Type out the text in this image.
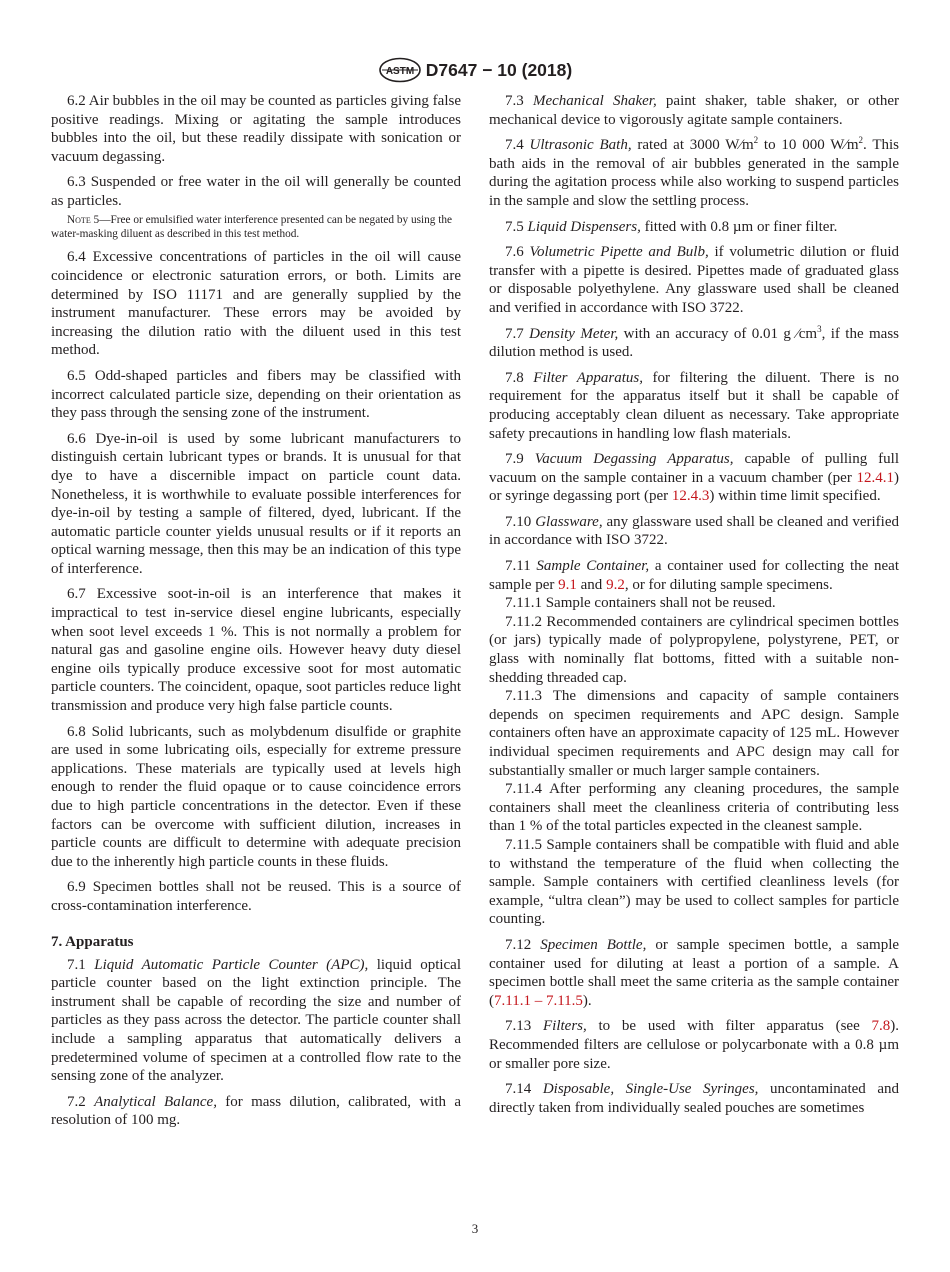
ASTM D7647 − 10 (2018)

6.2 Air bubbles in the oil may be counted as particles giving false positive readings. Mixing or agitating the sample introduces bubbles into the oil, but these readily dissipate with sonication or vacuum degassing.

6.3 Suspended or free water in the oil will generally be counted as particles.

Note 5—Free or emulsified water interference presented can be negated by using the water-masking diluent as described in this test method.

6.4 Excessive concentrations of particles in the oil will cause coincidence or electronic saturation errors, or both. Limits are determined by ISO 11171 and are generally supplied by the instrument manufacturer. These errors may be avoided by increasing the dilution ratio with the diluent used in this test method.

6.5 Odd-shaped particles and fibers may be classified with incorrect calculated particle size, depending on their orientation as they pass through the sensing zone of the instrument.

6.6 Dye-in-oil is used by some lubricant manufacturers to distinguish certain lubricant types or brands. It is unusual for that dye to have a discernible impact on particle count data. Nonetheless, it is worthwhile to evaluate possible interferences for dye-in-oil by testing a sample of filtered, dyed, lubricant. If the automatic particle counter yields unusual results or if it reports an optical warning message, then this may be an indication of this type of interference.

6.7 Excessive soot-in-oil is an interference that makes it impractical to test in-service diesel engine lubricants, especially when soot level exceeds 1 %. This is not normally a problem for natural gas and gasoline engine oils. However heavy duty diesel engine oils typically produce excessive soot for most automatic particle counters. The coincident, opaque, soot particles reduce light transmission and produce very high false particle counts.

6.8 Solid lubricants, such as molybdenum disulfide or graphite are used in some lubricating oils, especially for extreme pressure applications. These materials are typically used at levels high enough to render the fluid opaque or to cause coincidence errors due to high particle concentrations in the detector. Even if these factors can be overcome with sufficient dilution, increases in particle counts are difficult to determine with adequate precision due to the inherently high particle counts in these fluids.

6.9 Specimen bottles shall not be reused. This is a source of cross-contamination interference.

7. Apparatus

7.1 Liquid Automatic Particle Counter (APC), liquid optical particle counter based on the light extinction principle. The instrument shall be capable of recording the size and number of particles as they pass across the detector. The particle counter shall include a sampling apparatus that automatically delivers a predetermined volume of specimen at a controlled flow rate to the sensing zone of the analyzer.

7.2 Analytical Balance, for mass dilution, calibrated, with a resolution of 100 mg.

7.3 Mechanical Shaker, paint shaker, table shaker, or other mechanical device to vigorously agitate sample containers.

7.4 Ultrasonic Bath, rated at 3000 $W⁄m^2$ to 10 000 $W⁄m^2$. This bath aids in the removal of air bubbles generated in the sample during the agitation process while also working to suspend particles in the sample and slow the settling process.

7.5 Liquid Dispensers, fitted with 0.8 µm or finer filter.

7.6 Volumetric Pipette and Bulb, if volumetric dilution or fluid transfer with a pipette is desired. Pipettes made of graduated glass or disposable polyethylene. Any glassware used shall be cleaned and verified in accordance with ISO 3722.

7.7 Density Meter, with an accuracy of 0.01 g $⁄cm^3$, if the mass dilution method is used.

7.8 Filter Apparatus, for filtering the diluent. There is no requirement for the apparatus itself but it shall be capable of producing acceptably clean diluent as necessary. Take appropriate safety precautions in handling low flash materials.

7.9 Vacuum Degassing Apparatus, capable of pulling full vacuum on the sample container in a vacuum chamber (per 12.4.1) or syringe degassing port (per 12.4.3) within time limit specified.

7.10 Glassware, any glassware used shall be cleaned and verified in accordance with ISO 3722.

7.11 Sample Container, a container used for collecting the neat sample per 9.1 and 9.2, or for diluting sample specimens.

7.11.1 Sample containers shall not be reused.

7.11.2 Recommended containers are cylindrical specimen bottles (or jars) typically made of polypropylene, polystyrene, PET, or glass with nominally flat bottoms, fitted with a suitable non-shedding threaded cap.

7.11.3 The dimensions and capacity of sample containers depends on specimen requirements and APC design. Sample containers often have an approximate capacity of 125 mL. However individual specimen requirements and APC design may call for substantially smaller or much larger sample containers.

7.11.4 After performing any cleaning procedures, the sample containers shall meet the cleanliness criteria of contributing less than 1 % of the total particles expected in the cleanest sample.

7.11.5 Sample containers shall be compatible with fluid and able to withstand the temperature of the fluid when collecting the sample. Sample containers with certified cleanliness levels (for example, “ultra clean”) may be used to collect samples for particle counting.

7.12 Specimen Bottle, or sample specimen bottle, a sample container used for diluting at least a portion of a sample. A specimen bottle shall meet the same criteria as the sample container (7.11.1 – 7.11.5).

7.13 Filters, to be used with filter apparatus (see 7.8). Recommended filters are cellulose or polycarbonate with a 0.8 µm or smaller pore size.

7.14 Disposable, Single-Use Syringes, uncontaminated and directly taken from individually sealed pouches are sometimes

3
